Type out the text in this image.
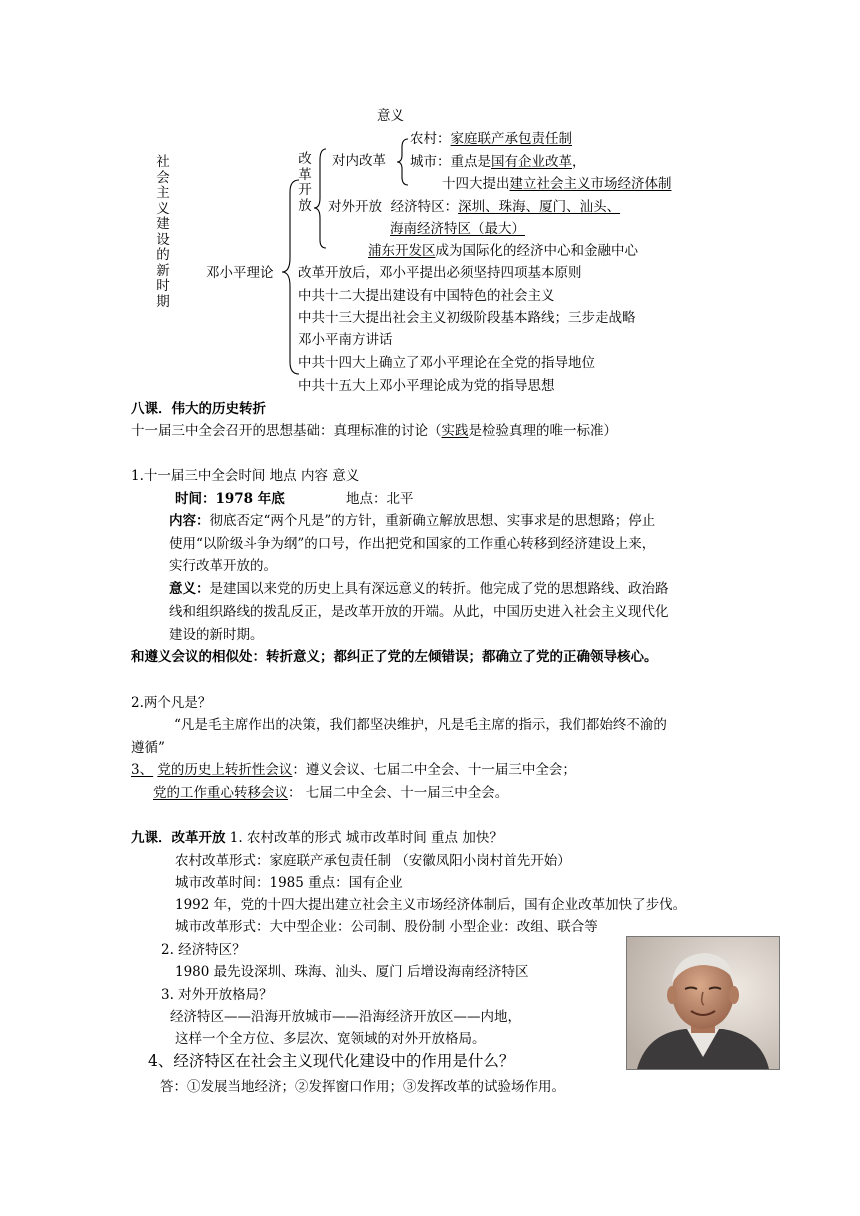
社会主义建设的新时期
意义
改革开放
对内改革
农村：家庭联产承包责任制
城市：重点是国有企业改革，
十四大提出建立社会主义市场经济体制
对外开放 经济特区：深圳、珠海、厦门、汕头、
海南经济特区（最大）
浦东开发区成为国际化的经济中心和金融中心
邓小平理论 改革开放后，邓小平提出必须坚持四项基本原则
中共十二大提出建设有中国特色的社会主义
中共十三大提出社会主义初级阶段基本路线；三步走战略
邓小平南方讲话
中共十四大上确立了邓小平理论在全党的指导地位
中共十五大上邓小平理论成为党的指导思想
八课．伟大的历史转折
十一届三中全会召开的思想基础：真理标准的讨论（实践是检验真理的唯一标准）
1.十一届三中全会时间 地点 内容 意义
时间：1978 年底	地点：北平
内容：彻底否定“两个凡是”的方针，重新确立解放思想、实事求是的思想路；停止
使用“以阶级斗争为纲”的口号，作出把党和国家的工作重心转移到经济建设上来，
实行改革开放的。
意义：是建国以来党的历史上具有深远意义的转折。他完成了党的思想路线、政治路
线和组织路线的拨乱反正，是改革开放的开端。从此，中国历史进入社会主义现代化
建设的新时期。
和遵义会议的相似处：转折意义；都纠正了党的左倾错误；都确立了党的正确领导核心。
2.两个凡是？
“凡是毛主席作出的决策，我们都坚决维护，凡是毛主席的指示，我们都始终不渝的
遵循”
3、 党的历史上转折性会议：遵义会议、七届二中全会、十一届三中全会；
党的工作重心转移会议： 七届二中全会、十一届三中全会。
九课．改革开放 1. 农村改革的形式 城市改革时间 重点 加快？
农村改革形式：家庭联产承包责任制 （安徽凤阳小岗村首先开始）
城市改革时间：1985 重点：国有企业
1992 年，党的十四大提出建立社会主义市场经济体制后，国有企业改革加快了步伐。
城市改革形式：大中型企业：公司制、股份制 小型企业：改组、联合等
2. 经济特区？
1980 最先设深圳、珠海、汕头、厦门 后增设海南经济特区
3. 对外开放格局？
经济特区——沿海开放城市——沿海经济开放区——内地，
这样一个全方位、多层次、宽领域的对外开放格局。
4、经济特区在社会主义现代化建设中的作用是什么？
答：①发展当地经济；②发挥窗口作用；③发挥改革的试验场作用。
